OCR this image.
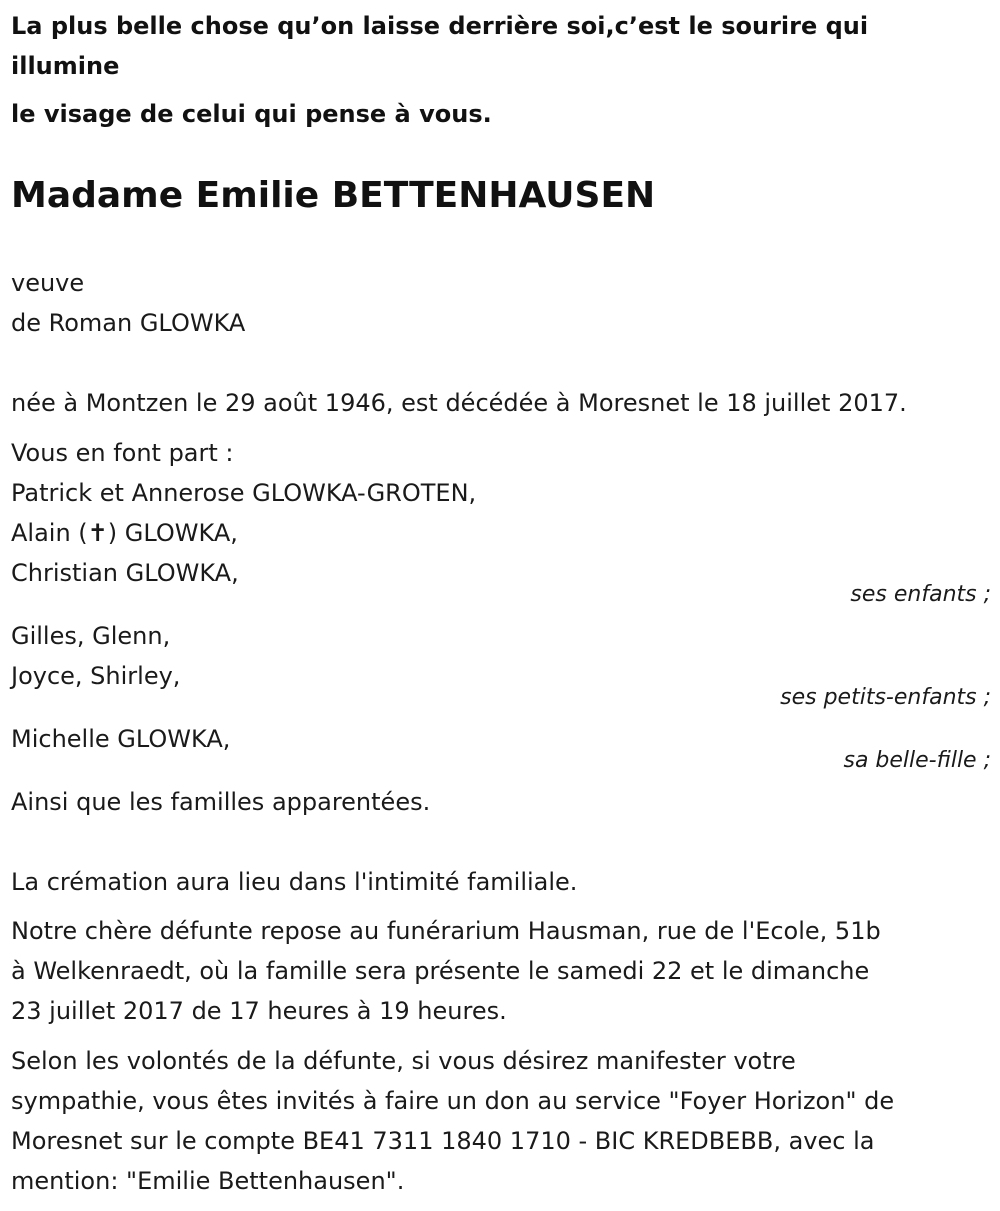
La plus belle chose qu’on laisse derrière soi,c’est le sourire qui
illumine
le visage de celui qui pense à vous.
Madame Emilie BETTENHAUSEN
veuve
de Roman GLOWKA
née à Montzen le 29 août 1946, est décédée à Moresnet le 18 juillet 2017.
Vous en font part :
Patrick et Annerose GLOWKA-GROTEN,
Alain (✝) GLOWKA,
Christian GLOWKA,
ses enfants ;
Gilles, Glenn,
Joyce, Shirley,
ses petits-enfants ;
Michelle GLOWKA,
sa belle-fille ;
Ainsi que les familles apparentées.
La crémation aura lieu dans l'intimité familiale.
Notre chère défunte repose au funérarium Hausman, rue de l'Ecole, 51b
à Welkenraedt, où la famille sera présente le samedi 22 et le dimanche
23 juillet 2017 de 17 heures à 19 heures.
Selon les volontés de la défunte, si vous désirez manifester votre
sympathie, vous êtes invités à faire un don au service "Foyer Horizon" de
Moresnet sur le compte BE41 7311 1840 1710 - BIC KREDBEBB, avec la
mention: "Emilie Bettenhausen".
